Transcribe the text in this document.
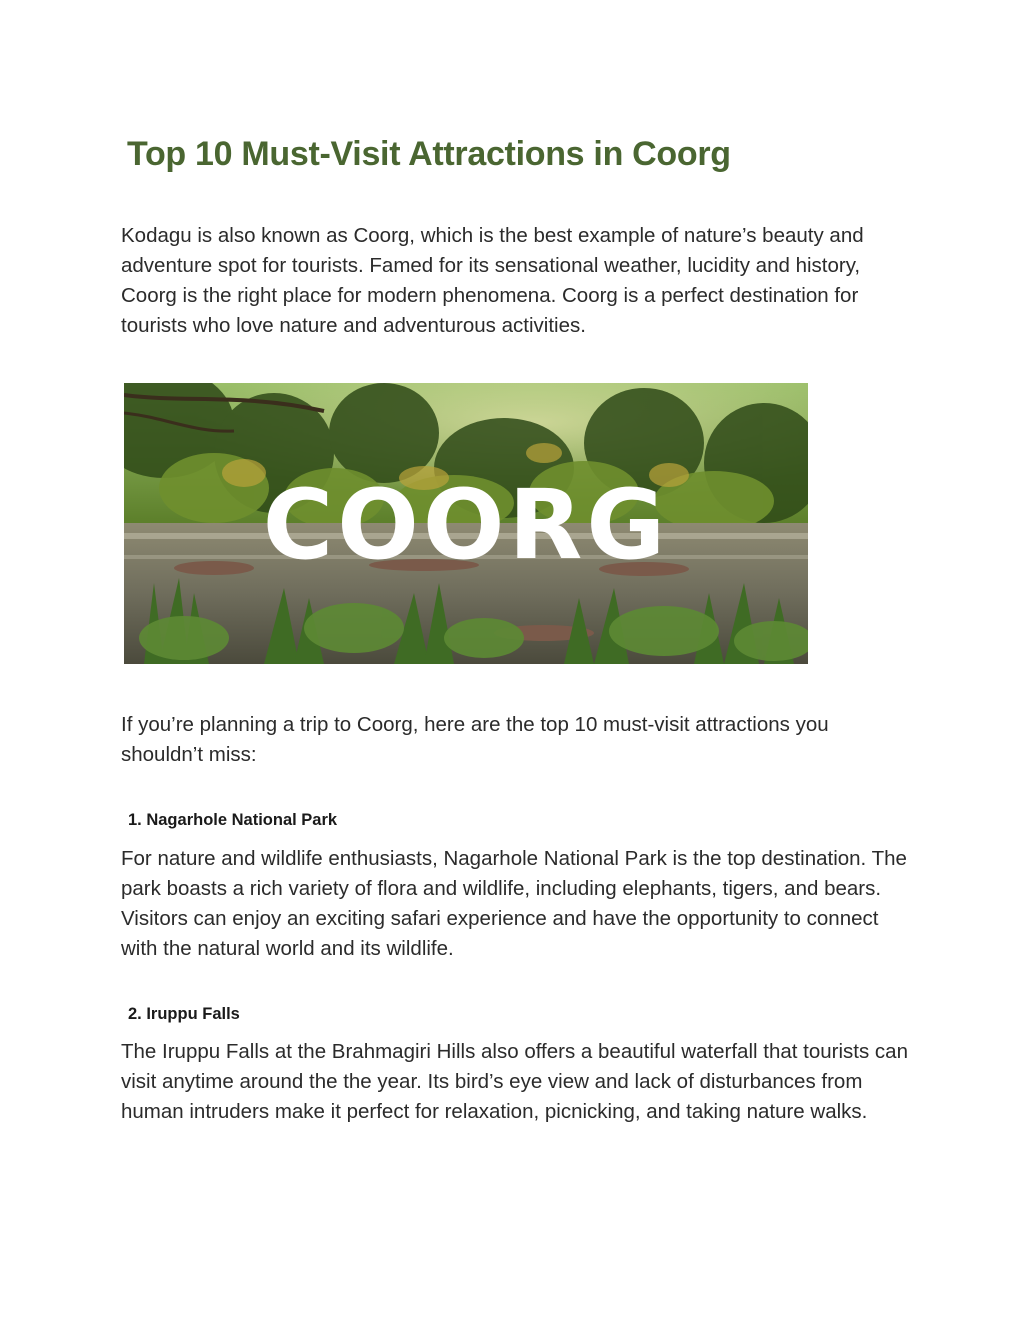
Top 10 Must-Visit Attractions in Coorg

Kodagu is also known as Coorg, which is the best example of nature’s beauty and adventure spot for tourists. Famed for its sensational weather, lucidity and history, Coorg is the right place for modern phenomena. Coorg is a perfect destination for tourists who love nature and adventurous activities.

COORG

If you’re planning a trip to Coorg, here are the top 10 must-visit attractions you shouldn’t miss:

1. Nagarhole National Park

For nature and wildlife enthusiasts, Nagarhole National Park is the top destination. The park boasts a rich variety of flora and wildlife, including elephants, tigers, and bears. Visitors can enjoy an exciting safari experience and have the opportunity to connect with the natural world and its wildlife.

2. Iruppu Falls

The Iruppu Falls at the Brahmagiri Hills also offers a beautiful waterfall that tourists can visit anytime around the the year. Its bird’s eye view and lack of disturbances from human intruders make it perfect for relaxation, picnicking, and taking nature walks.
